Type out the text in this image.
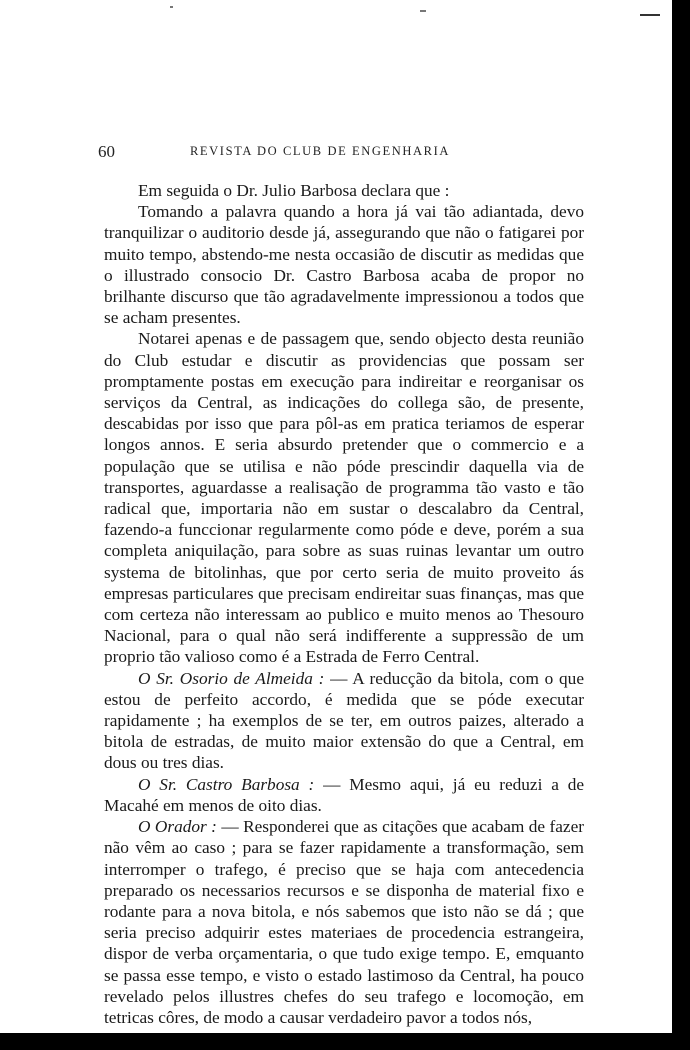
60	REVISTA DO CLUB DE ENGENHARIA

Em seguida o Dr. Julio Barbosa declara que :

Tomando a palavra quando a hora já vai tão adiantada, devo tranquilizar o auditorio desde já, assegurando que não o fatigarei por muito tempo, abstendo-me nesta occasião de discutir as medidas que o illustrado consocio Dr. Castro Barbosa acaba de propor no brilhante discurso que tão agradavelmente impressionou a todos que se acham presentes.

Notarei apenas e de passagem que, sendo objecto desta reunião do Club estudar e discutir as providencias que possam ser promptamente postas em execução para indireitar e reorganisar os serviços da Central, as indicações do collega são, de presente, descabidas por isso que para pôl-as em pratica teriamos de esperar longos annos. E seria absurdo pretender que o commercio e a população que se utilisa e não póde prescindir daquella via de transportes, aguardasse a realisação de programma tão vasto e tão radical que, importaria não em sustar o descalabro da Central, fazendo-a funccionar regularmente como póde e deve, porém a sua completa aniquilação, para sobre as suas ruinas levantar um outro systema de bitolinhas, que por certo seria de muito proveito ás empresas particulares que precisam endireitar suas finanças, mas que com certeza não interessam ao publico e muito menos ao Thesouro Nacional, para o qual não será indifferente a suppressão de um proprio tão valioso como é a Estrada de Ferro Central.

O Sr. Osorio de Almeida : — A reducção da bitola, com o que estou de perfeito accordo, é medida que se póde executar rapidamente ; ha exemplos de se ter, em outros paizes, alterado a bitola de estradas, de muito maior extensão do que a Central, em dous ou tres dias.

O Sr. Castro Barbosa : — Mesmo aqui, já eu reduzi a de Macahé em menos de oito dias.

O Orador : — Responderei que as citações que acabam de fazer não vêm ao caso ; para se fazer rapidamente a transformação, sem interromper o trafego, é preciso que se haja com antecedencia preparado os necessarios recursos e se disponha de material fixo e rodante para a nova bitola, e nós sabemos que isto não se dá ; que seria preciso adquirir estes materiaes de procedencia estrangeira, dispor de verba orçamentaria, o que tudo exige tempo. E, emquanto se passa esse tempo, e visto o estado lastimoso da Central, ha pouco revelado pelos illustres chefes do seu trafego e locomoção, em tetricas côres, de modo a causar verdadeiro pavor a todos nós,
